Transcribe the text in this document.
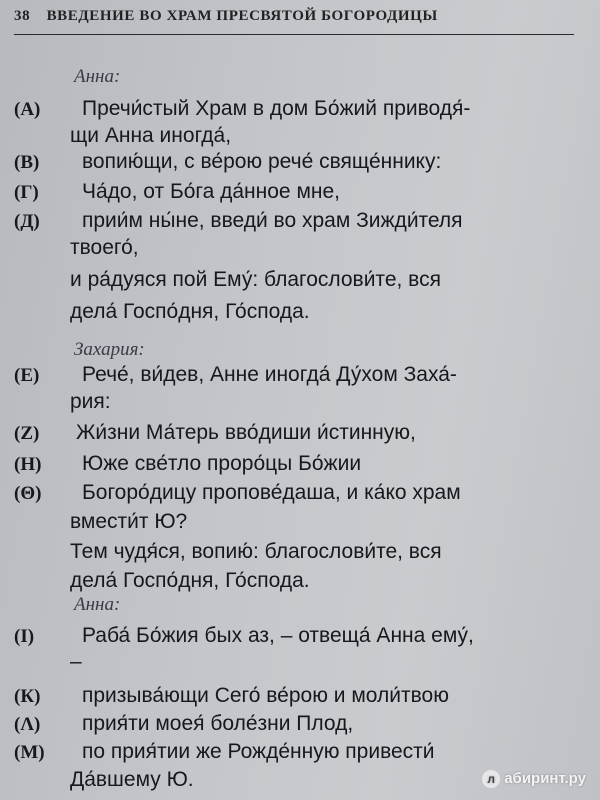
38 ВВЕДЕНИЕ ВО ХРАМ ПРЕСВЯТОЙ БОГОРОДИЦЫ
Анна:
Захария:
Анна:
(А) Пречи́стый Храм в дом Бо́жий приводя́-
щи Анна иногда́,
(В) вопию́щи, с ве́рою рече́ свяще́ннику:
(Г) Ча́до, от Бо́га да́нное мне,
(Д) прии́м ны́не, введи́ во храм Зижди́теля
твоего́,
и ра́дуяся пой Ему́: благослови́те, вся
дела́ Госпо́дня, Го́спода.
(Е) Рече́, ви́дев, Анне иногда́ Ду́хом Заха́-
рия:
(Z) Жи́зни Ма́терь вво́диши и́стинную,
(Н) Юже све́тло проро́цы Бо́жии
(Θ) Богоро́дицу пропове́даша, и ка́ко храм
вмести́т Ю?
Тем чудя́ся, вопию́: благослови́те, вся
дела́ Госпо́дня, Го́спода.
(I) Раба́ Бо́жия бых аз, – отвеща́ Анна ему́,
–
(К) призыва́ющи Сего́ ве́рою и моли́твою
(Λ) прия́ти моея́ боле́зни Плод,
(М) по прия́тии же Рожде́нную привести́
Да́вшему Ю.	л абиринт.ру
